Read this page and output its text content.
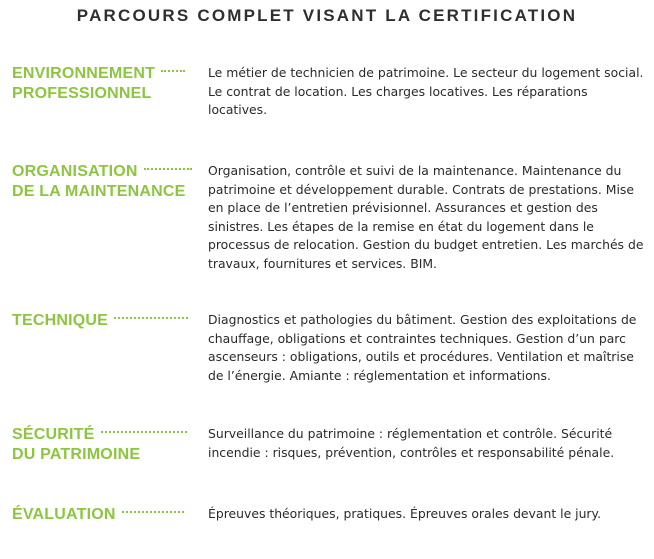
PARCOURS COMPLET VISANT LA CERTIFICATION
ENVIRONNEMENT
PROFESSIONNEL
Le métier de technicien de patrimoine. Le secteur du logement social. Le contrat de location. Les charges locatives. Les réparations locatives.
ORGANISATION
DE LA MAINTENANCE
Organisation, contrôle et suivi de la maintenance. Maintenance du patrimoine et développement durable. Contrats de prestations. Mise en place de l’entretien prévisionnel. Assurances et gestion des sinistres. Les étapes de la remise en état du logement dans le processus de relocation. Gestion du budget entretien. Les marchés de travaux, fournitures et services. BIM.
TECHNIQUE	Diagnostics et pathologies du bâtiment. Gestion des exploitations de chauffage, obligations et contraintes techniques. Gestion d’un parc ascenseurs : obligations, outils et procédures. Ventilation et maîtrise de l’énergie. Amiante : réglementation et informations.
SÉCURITÉ
DU PATRIMOINE
Surveillance du patrimoine : réglementation et contrôle. Sécurité incendie : risques, prévention, contrôles et responsabilité pénale.
ÉVALUATION	Épreuves théoriques, pratiques. Épreuves orales devant le jury.
